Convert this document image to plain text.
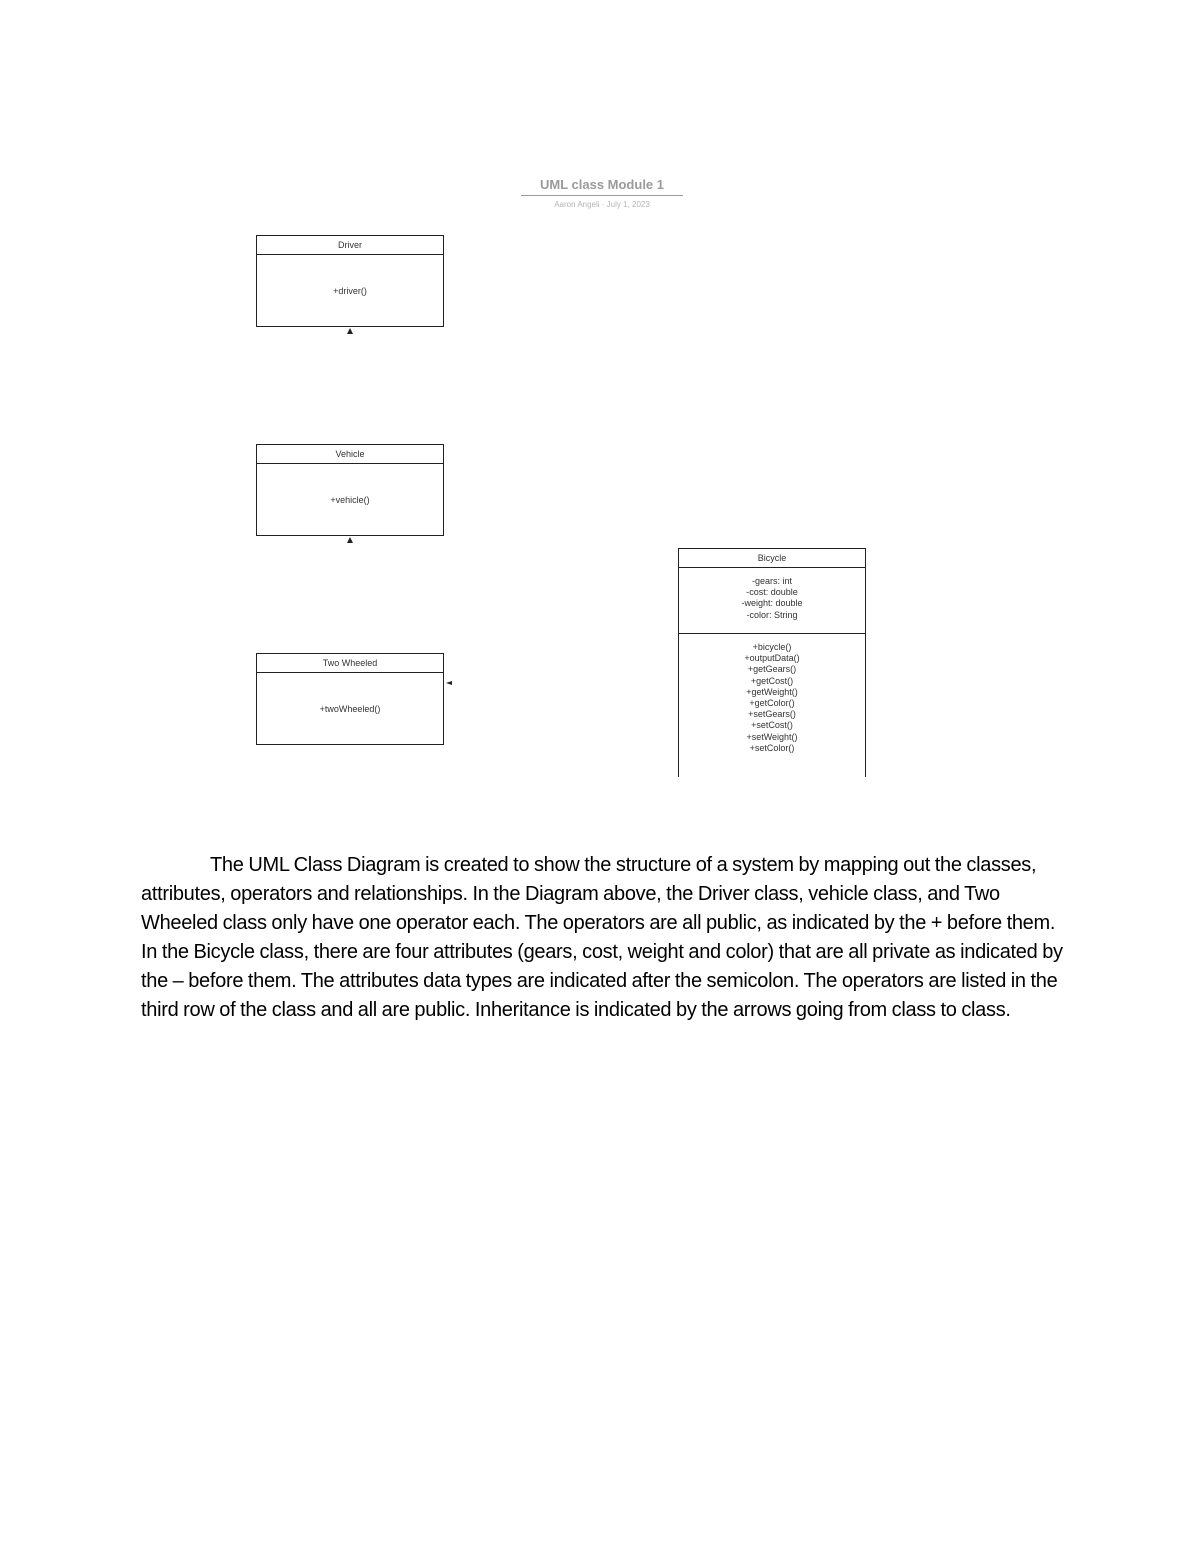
UML class Module 1
Aaron Angeli · July 1, 2023
Driver
+driver()
Vehicle
+vehicle()
Two Wheeled
+twoWheeled()
Bicycle
-gears: int
-cost: double
-weight: double
-color: String
+bicycle()
+outputData()
+getGears()
+getCost()
+getWeight()
+getColor()
+setGears()
+setCost()
+setWeight()
+setColor()

The UML Class Diagram is created to show the structure of a system by mapping out the classes, attributes, operators and relationships. In the Diagram above, the Driver class, vehicle class, and Two Wheeled class only have one operator each. The operators are all public, as indicated by the + before them. In the Bicycle class, there are four attributes (gears, cost, weight and color) that are all private as indicated by the – before them. The attributes data types are indicated after the semicolon. The operators are listed in the third row of the class and all are public. Inheritance is indicated by the arrows going from class to class.
